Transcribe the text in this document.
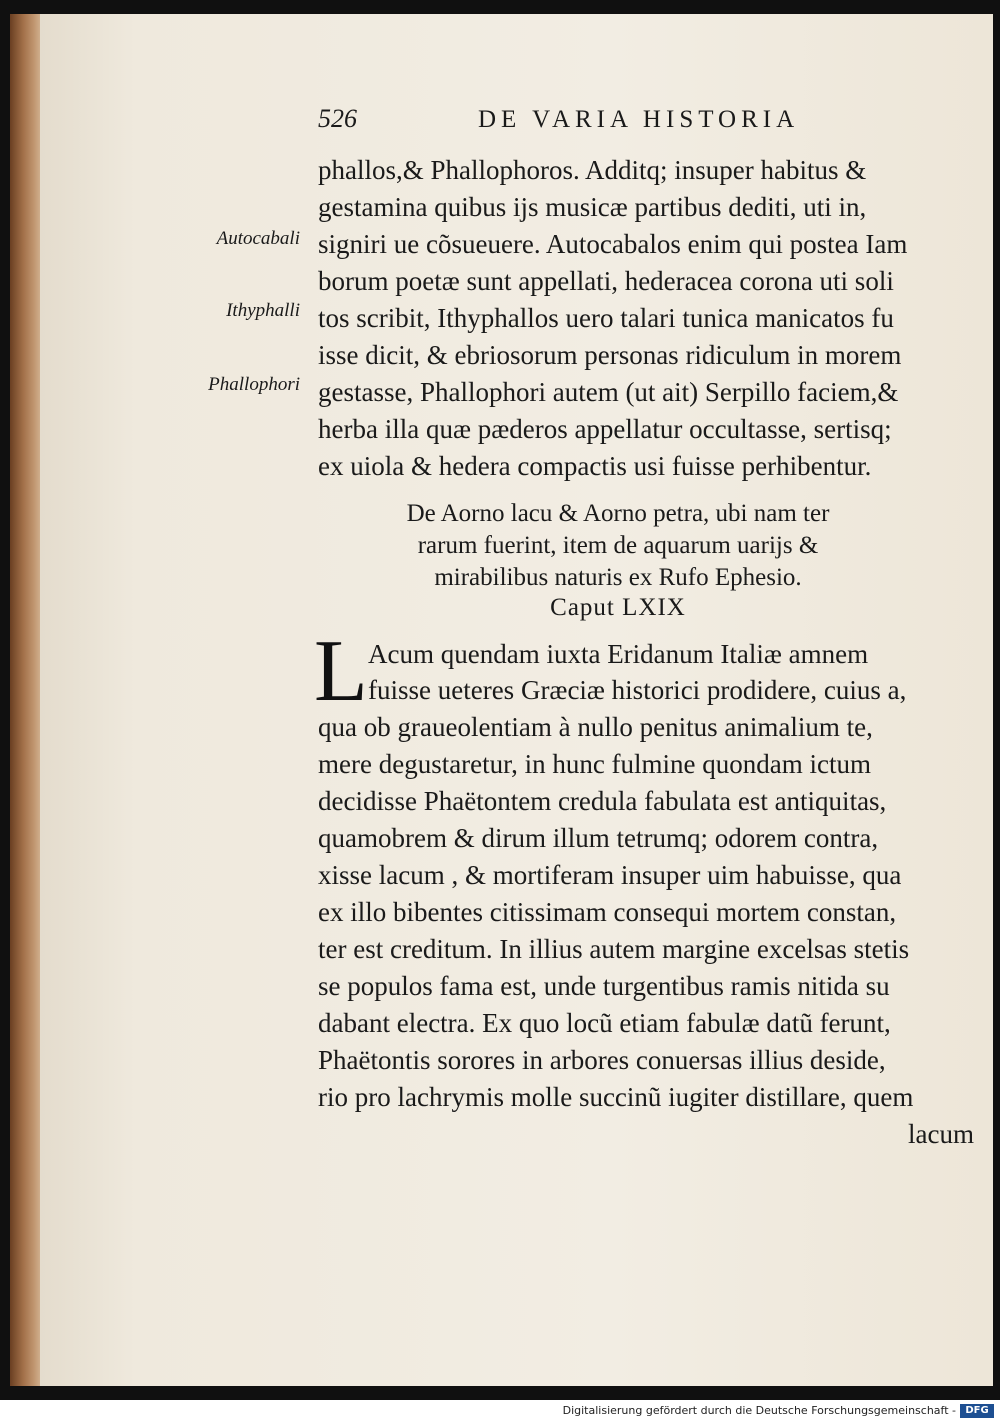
526	DE VARIA HISTORIA
Autocabali
Ithyphalli
Phallophori
phallos,& Phallophoros. Additq; insuper habitus &
gestamina quibus ijs musicæ partibus dediti, uti in,
signiri ue cõsueuere. Autocabalos enim qui postea Iam
borum poetæ sunt appellati, hederacea corona uti soli
tos scribit, Ithyphallos uero talari tunica manicatos fu
isse dicit, & ebriosorum personas ridiculum in morem
gestasse, Phallophori autem (ut ait) Serpillo faciem,&
herba illa quæ pæderos appellatur occultasse, sertisq;
ex uiola & hedera compactis usi fuisse perhibentur.
De Aorno lacu & Aorno petra, ubi nam ter
rarum fuerint, item de aquarum uarijs &
mirabilibus naturis ex Rufo Ephesio.
Caput LXIX
L Acum quendam iuxta Eridanum Italiæ amnem
fuisse ueteres Græciæ historici prodidere, cuius a,
qua ob graueolentiam à nullo penitus animalium te,
mere degustaretur, in hunc fulmine quondam ictum
decidisse Phaëtontem credula fabulata est antiquitas,
quamobrem & dirum illum tetrumq; odorem contra,
xisse lacum , & mortiferam insuper uim habuisse, qua
ex illo bibentes citissimam consequi mortem constan,
ter est creditum. In illius autem margine excelsas stetis
se populos fama est, unde turgentibus ramis nitida su
dabant electra. Ex quo locũ etiam fabulæ datũ ferunt,
Phaëtontis sorores in arbores conuersas illius deside,
rio pro lachrymis molle succinũ iugiter distillare, quem
lacum
Digitalisierung gefördert durch die Deutsche Forschungsgemeinschaft - DFG
